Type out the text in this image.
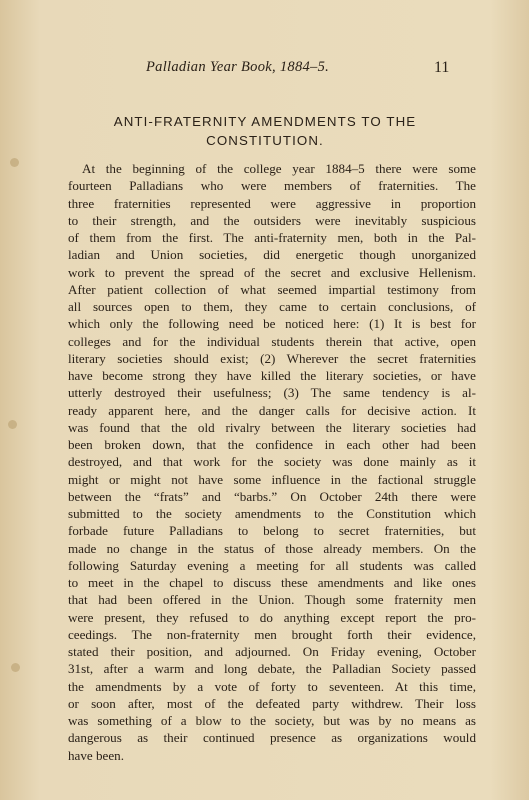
Palladian Year Book, 1884–5.	11
ANTI-FRATERNITY AMENDMENTS TO THE
CONSTITUTION.
At the beginning of the college year 1884–5 there were some
fourteen Palladians who were members of fraternities. The
three fraternities represented were aggressive in proportion
to their strength, and the outsiders were inevitably suspicious
of them from the first. The anti-fraternity men, both in the Pal-
ladian and Union societies, did energetic though unorganized
work to prevent the spread of the secret and exclusive Hellenism.
After patient collection of what seemed impartial testimony from
all sources open to them, they came to certain conclusions, of
which only the following need be noticed here: (1) It is best for
colleges and for the individual students therein that active, open
literary societies should exist; (2) Wherever the secret fraternities
have become strong they have killed the literary societies, or have
utterly destroyed their usefulness; (3) The same tendency is al-
ready apparent here, and the danger calls for decisive action. It
was found that the old rivalry between the literary societies had
been broken down, that the confidence in each other had been
destroyed, and that work for the society was done mainly as it
might or might not have some influence in the factional struggle
between the “frats” and “barbs.” On October 24th there were
submitted to the society amendments to the Constitution which
forbade future Palladians to belong to secret fraternities, but
made no change in the status of those already members. On the
following Saturday evening a meeting for all students was called
to meet in the chapel to discuss these amendments and like ones
that had been offered in the Union. Though some fraternity men
were present, they refused to do anything except report the pro-
ceedings. The non-fraternity men brought forth their evidence,
stated their position, and adjourned. On Friday evening, October
31st, after a warm and long debate, the Palladian Society passed
the amendments by a vote of forty to seventeen. At this time,
or soon after, most of the defeated party withdrew. Their loss
was something of a blow to the society, but was by no means as
dangerous as their continued presence as organizations would
have been.
